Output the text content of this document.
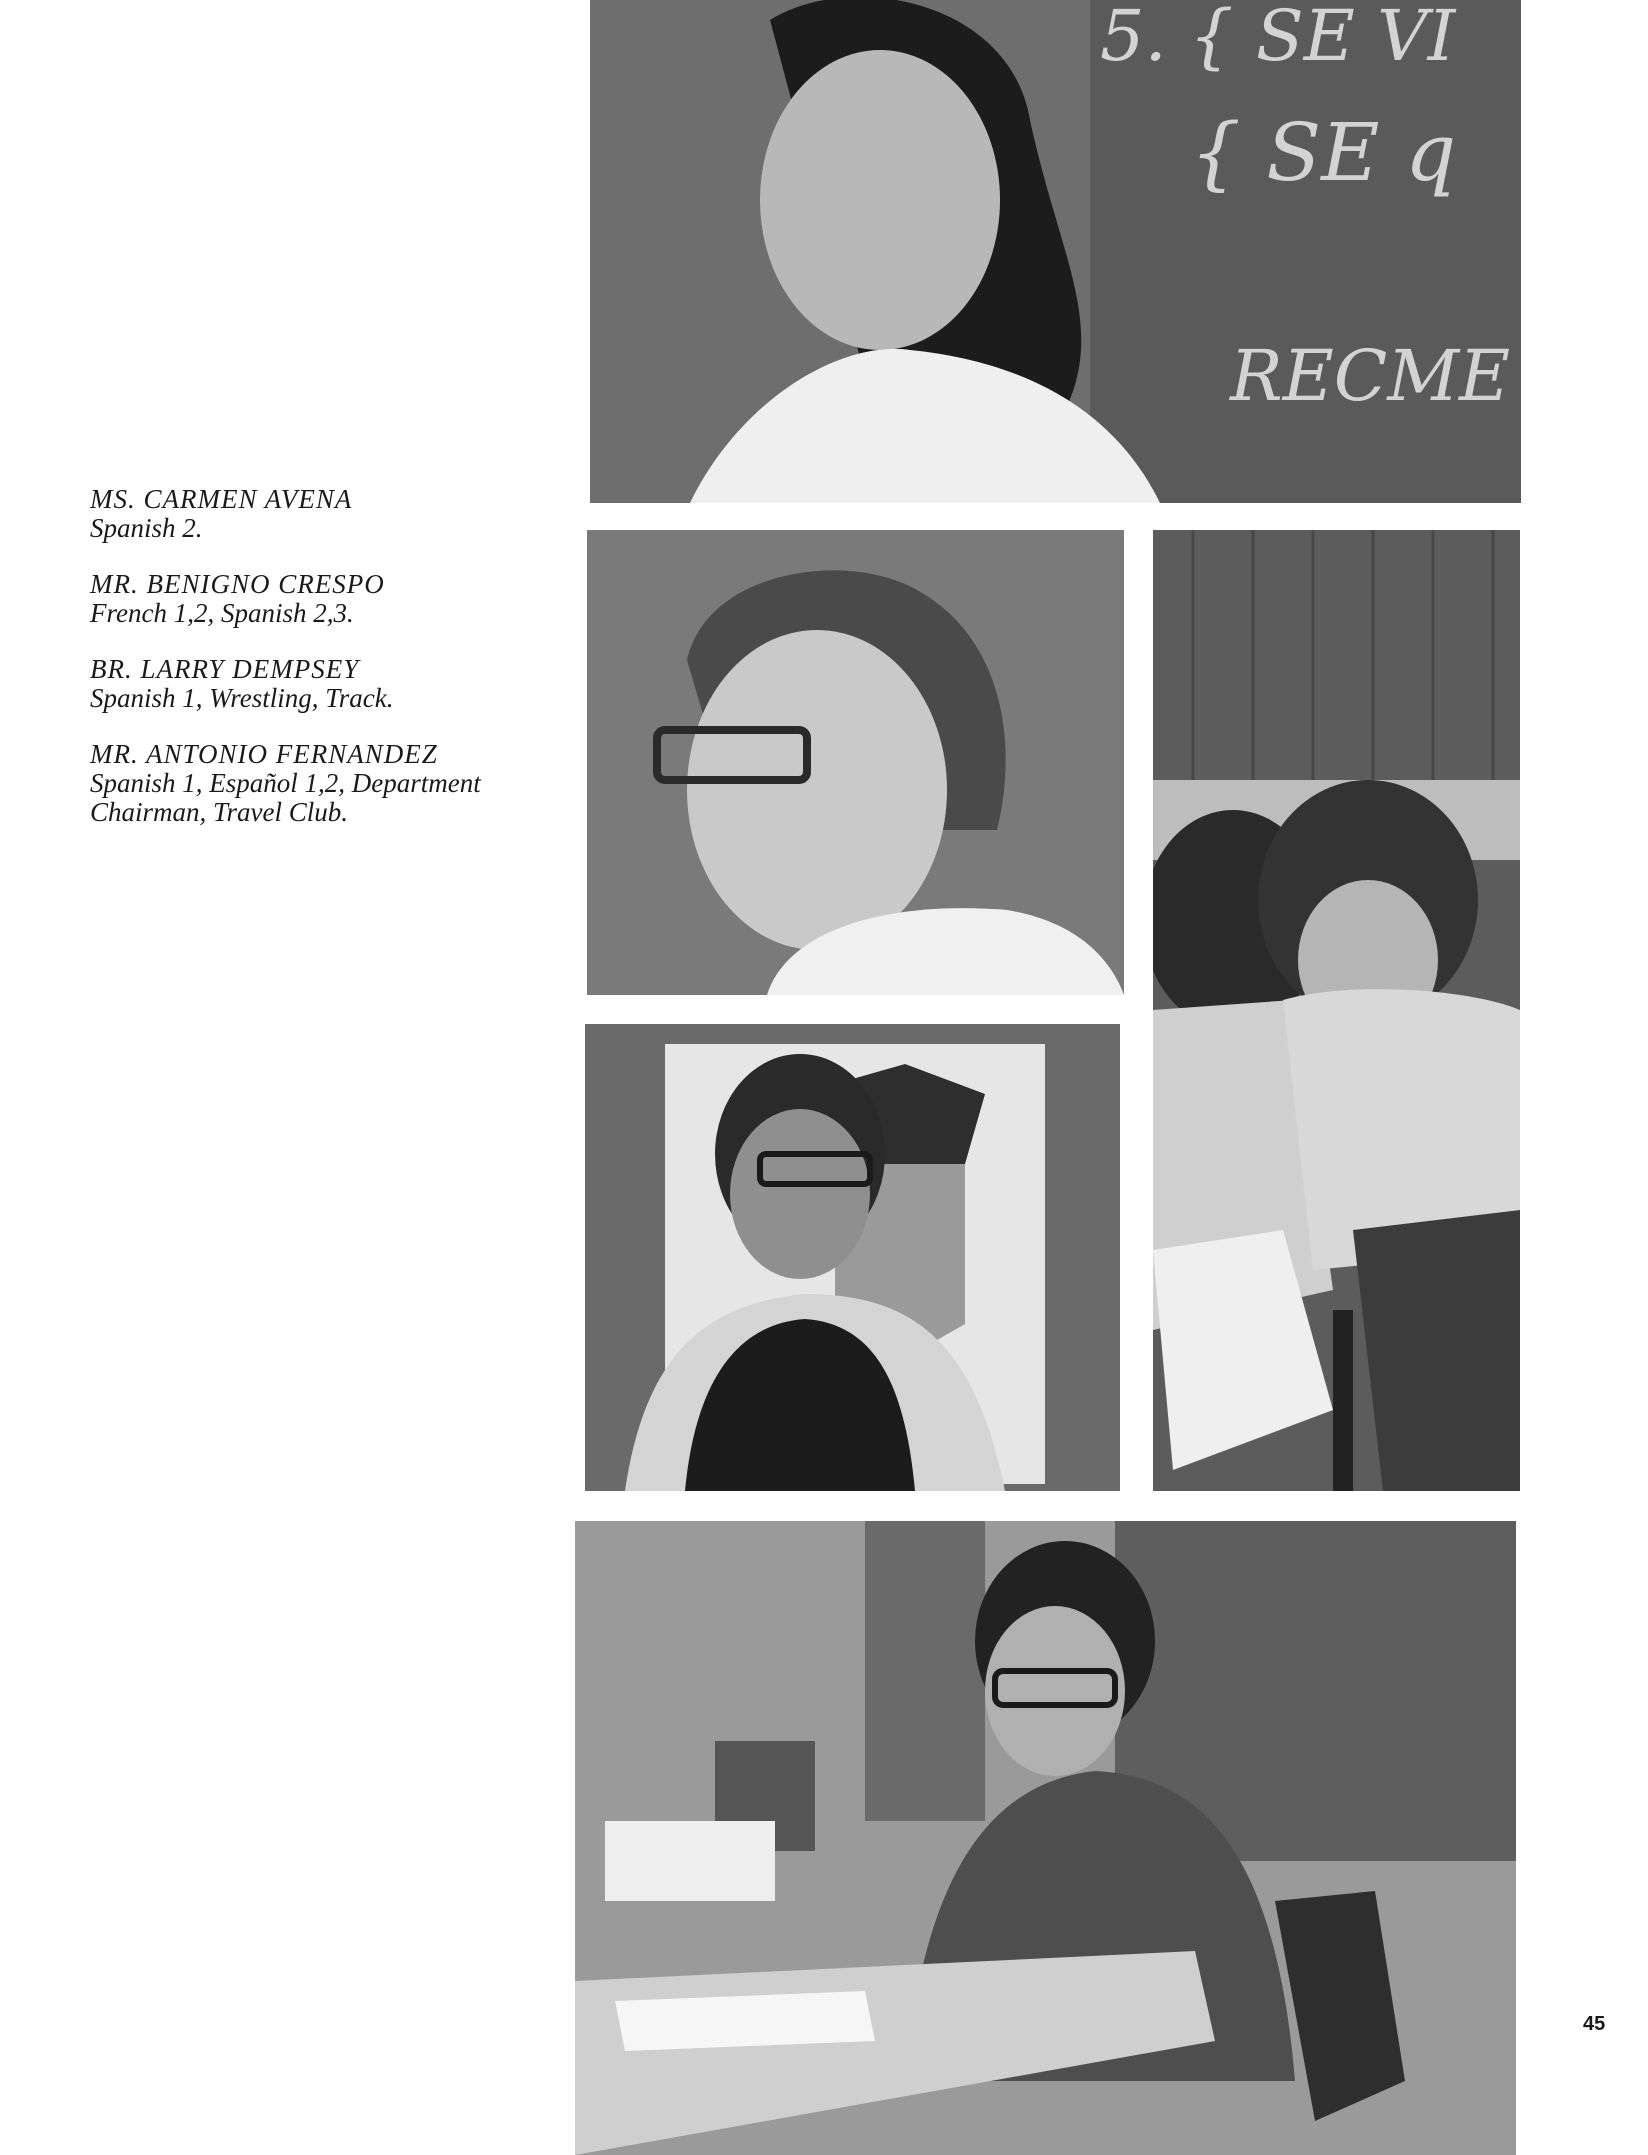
MS. CARMEN AVENA
Spanish 2.
MR. BENIGNO CRESPO
French 1,2, Spanish 2,3.
BR. LARRY DEMPSEY
Spanish 1, Wrestling, Track.
MR. ANTONIO FERNANDEZ
Spanish 1, Español 1,2, Department Chairman, Travel Club.
5. { SE VI
{ SE q
RECME
45
